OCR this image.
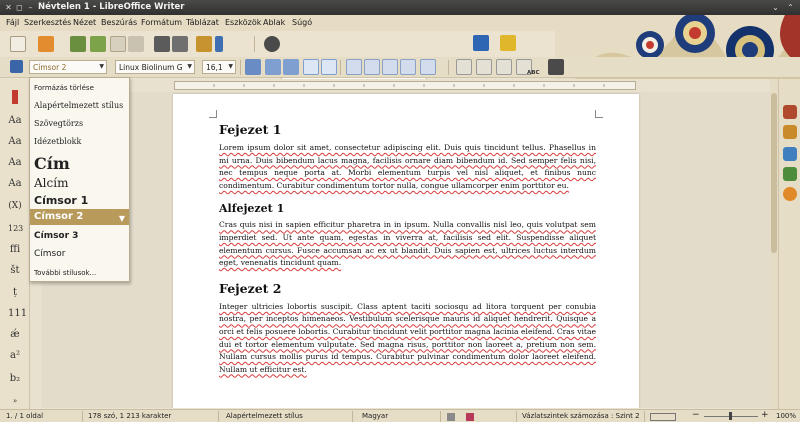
✕ ◻ – Névtelen 1 - LibreOffice Writer	⌄ ⌃
Fájl Szerkesztés Nézet Beszúrás Formátum Táblázat Eszközök Ablak Súgó
Címsor 2	▼	Linux Biolinum G ▼	16,1 ▼
ABC
Aa
Aa
Aa
Aa
(X)
123
ffi
št
ț
111
ǽ
a²
b₂
»
Fejezet 1

Lorem ipsum dolor sit amet, consectetur adipiscing elit. Duis quis tincidunt tellus. Phasellus in mi urna. Duis bibendum lacus magna, facilisis ornare diam bibendum id. Sed semper felis nisi, nec tempus neque porta at. Morbi elementum turpis vel nisl aliquet, et finibus nunc condimentum. Curabitur condimentum tortor nulla, congue ullamcorper enim porttitor eu.

Alfejezet 1

Cras quis nisi in sapien efficitur pharetra in in ipsum. Nulla convallis nisl leo, quis volutpat sem imperdiet sed. Ut ante quam, egestas in viverra at, facilisis sed elit. Suspendisse aliquet elementum cursus. Fusce accumsan ac ex ut blandit. Duis sapien est, ultrices luctus interdum eget, venenatis tincidunt quam.

Fejezet 2

Integer ultricies lobortis suscipit. Class aptent taciti sociosqu ad litora torquent per conubia nostra, per inceptos himenaeos. Vestibulum scelerisque mauris id aliquet hendrerit. Quisque a orci et felis posuere lobortis. Curabitur tincidunt velit porttitor magna lacinia eleifend. Cras vitae dui et tortor elementum vulputate. Sed magna risus, porttitor non laoreet a, pretium non sem. Nullam cursus mollis purus id tempus. Curabitur pulvinar condimentum dolor laoreet eleifend. Nullam ut efficitur est.

1. / 1 oldal	178 szó, 1 213 karakter	Alapértelmezett stílus	Magyar	Vázlatszintek számozása : Szint 2	−	+ 100%
Formázás törlése
Alapértelmezett stílus
Szövegtörzs
Idézetblokk
Cím
Alcím
Címsor 1
Címsor 2	▼
Címsor 3
Címsor
További stílusok...
